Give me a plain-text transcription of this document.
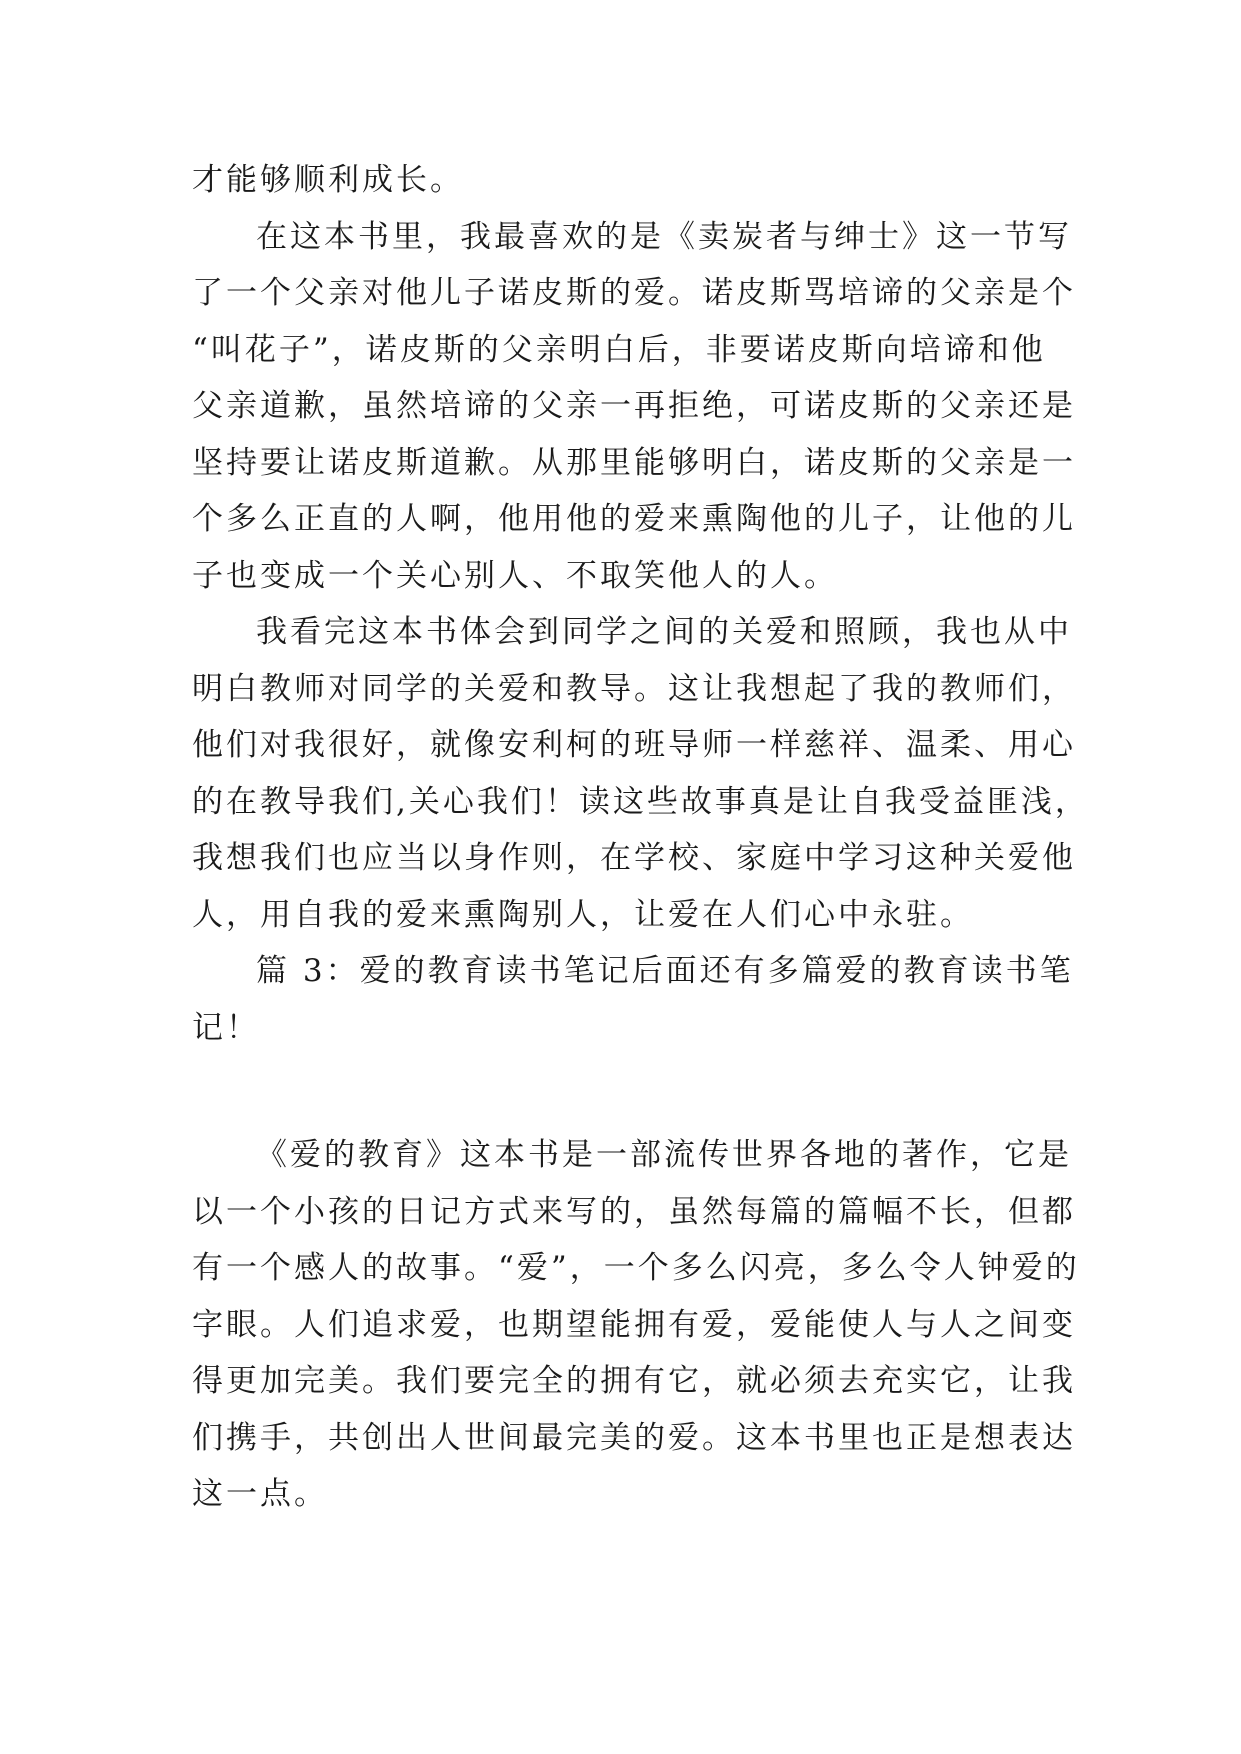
才能够顺利成长。
在这本书里，我最喜欢的是《卖炭者与绅士》这一节写
了一个父亲对他儿子诺皮斯的爱。诺皮斯骂培谛的父亲是个
“叫花子”，诺皮斯的父亲明白后，非要诺皮斯向培谛和他
父亲道歉，虽然培谛的父亲一再拒绝，可诺皮斯的父亲还是
坚持要让诺皮斯道歉。从那里能够明白，诺皮斯的父亲是一
个多么正直的人啊，他用他的爱来熏陶他的儿子，让他的儿
子也变成一个关心别人、不取笑他人的人。
我看完这本书体会到同学之间的关爱和照顾，我也从中
明白教师对同学的关爱和教导。这让我想起了我的教师们，
他们对我很好，就像安利柯的班导师一样慈祥、温柔、用心
的在教导我们,关心我们！读这些故事真是让自我受益匪浅，
我想我们也应当以身作则，在学校、家庭中学习这种关爱他
人，用自我的爱来熏陶别人，让爱在人们心中永驻。
篇 3：爱的教育读书笔记后面还有多篇爱的教育读书笔
记！
《爱的教育》这本书是一部流传世界各地的著作，它是
以一个小孩的日记方式来写的，虽然每篇的篇幅不长，但都
有一个感人的故事。“爱”，一个多么闪亮，多么令人钟爱的
字眼。人们追求爱，也期望能拥有爱，爱能使人与人之间变
得更加完美。我们要完全的拥有它，就必须去充实它，让我
们携手，共创出人世间最完美的爱。这本书里也正是想表达
这一点。
